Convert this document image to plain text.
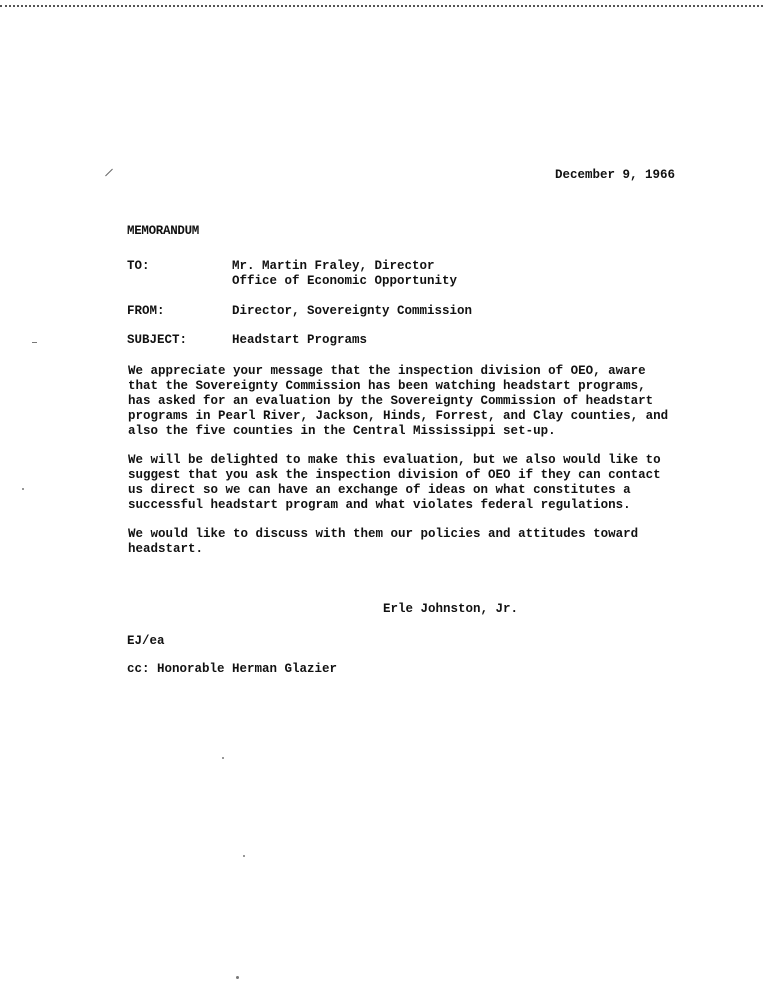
December 9, 1966
MEMORANDUM
TO:	Mr. Martin Fraley, Director
Office of Economic Opportunity
FROM:	Director, Sovereignty Commission
SUBJECT:	Headstart Programs
We appreciate your message that the inspection division of OEO, aware
that the Sovereignty Commission has been watching headstart programs,
has asked for an evaluation by the Sovereignty Commission of headstart
programs in Pearl River, Jackson, Hinds, Forrest, and Clay counties, and
also the five counties in the Central Mississippi set-up.
We will be delighted to make this evaluation, but we also would like to
suggest that you ask the inspection division of OEO if they can contact
us direct so we can have an exchange of ideas on what constitutes a
successful headstart program and what violates federal regulations.
We would like to discuss with them our policies and attitudes toward
headstart.
Erle Johnston, Jr.
EJ/ea
cc: Honorable Herman Glazier
